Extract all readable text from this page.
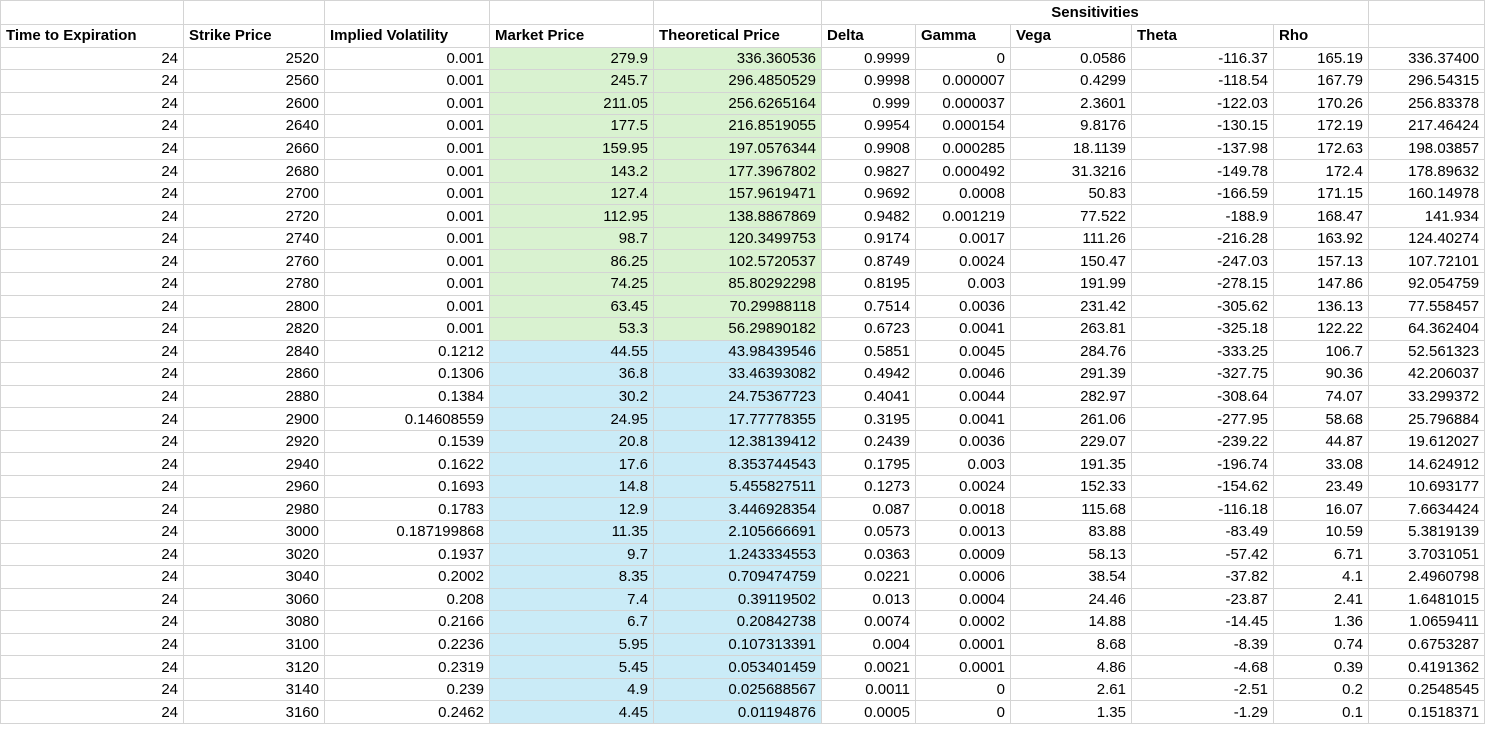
					Sensitivities					
Time to Expiration	Strike Price	Implied Volatility	Market Price	Theoretical Price	Delta	Gamma	Vega	Theta	Rho	
24	2520	0.001	279.9	336.360536	0.9999	0	0.0586	-116.37	165.19	336.37400
24	2560	0.001	245.7	296.4850529	0.9998	0.000007	0.4299	-118.54	167.79	296.54315
24	2600	0.001	211.05	256.6265164	0.999	0.000037	2.3601	-122.03	170.26	256.83378
24	2640	0.001	177.5	216.8519055	0.9954	0.000154	9.8176	-130.15	172.19	217.46424
24	2660	0.001	159.95	197.0576344	0.9908	0.000285	18.1139	-137.98	172.63	198.03857
24	2680	0.001	143.2	177.3967802	0.9827	0.000492	31.3216	-149.78	172.4	178.89632
24	2700	0.001	127.4	157.9619471	0.9692	0.0008	50.83	-166.59	171.15	160.14978
24	2720	0.001	112.95	138.8867869	0.9482	0.001219	77.522	-188.9	168.47	141.934
24	2740	0.001	98.7	120.3499753	0.9174	0.0017	111.26	-216.28	163.92	124.40274
24	2760	0.001	86.25	102.5720537	0.8749	0.0024	150.47	-247.03	157.13	107.72101
24	2780	0.001	74.25	85.80292298	0.8195	0.003	191.99	-278.15	147.86	92.054759
24	2800	0.001	63.45	70.29988118	0.7514	0.0036	231.42	-305.62	136.13	77.558457
24	2820	0.001	53.3	56.29890182	0.6723	0.0041	263.81	-325.18	122.22	64.362404
24	2840	0.1212	44.55	43.98439546	0.5851	0.0045	284.76	-333.25	106.7	52.561323
24	2860	0.1306	36.8	33.46393082	0.4942	0.0046	291.39	-327.75	90.36	42.206037
24	2880	0.1384	30.2	24.75367723	0.4041	0.0044	282.97	-308.64	74.07	33.299372
24	2900	0.14608559	24.95	17.77778355	0.3195	0.0041	261.06	-277.95	58.68	25.796884
24	2920	0.1539	20.8	12.38139412	0.2439	0.0036	229.07	-239.22	44.87	19.612027
24	2940	0.1622	17.6	8.353744543	0.1795	0.003	191.35	-196.74	33.08	14.624912
24	2960	0.1693	14.8	5.455827511	0.1273	0.0024	152.33	-154.62	23.49	10.693177
24	2980	0.1783	12.9	3.446928354	0.087	0.0018	115.68	-116.18	16.07	7.6634424
24	3000	0.187199868	11.35	2.105666691	0.0573	0.0013	83.88	-83.49	10.59	5.3819139
24	3020	0.1937	9.7	1.243334553	0.0363	0.0009	58.13	-57.42	6.71	3.7031051
24	3040	0.2002	8.35	0.709474759	0.0221	0.0006	38.54	-37.82	4.1	2.4960798
24	3060	0.208	7.4	0.39119502	0.013	0.0004	24.46	-23.87	2.41	1.6481015
24	3080	0.2166	6.7	0.20842738	0.0074	0.0002	14.88	-14.45	1.36	1.0659411
24	3100	0.2236	5.95	0.107313391	0.004	0.0001	8.68	-8.39	0.74	0.6753287
24	3120	0.2319	5.45	0.053401459	0.0021	0.0001	4.86	-4.68	0.39	0.4191362
24	3140	0.239	4.9	0.025688567	0.0011	0	2.61	-2.51	0.2	0.2548545
24	3160	0.2462	4.45	0.01194876	0.0005	0	1.35	-1.29	0.1	0.1518371
